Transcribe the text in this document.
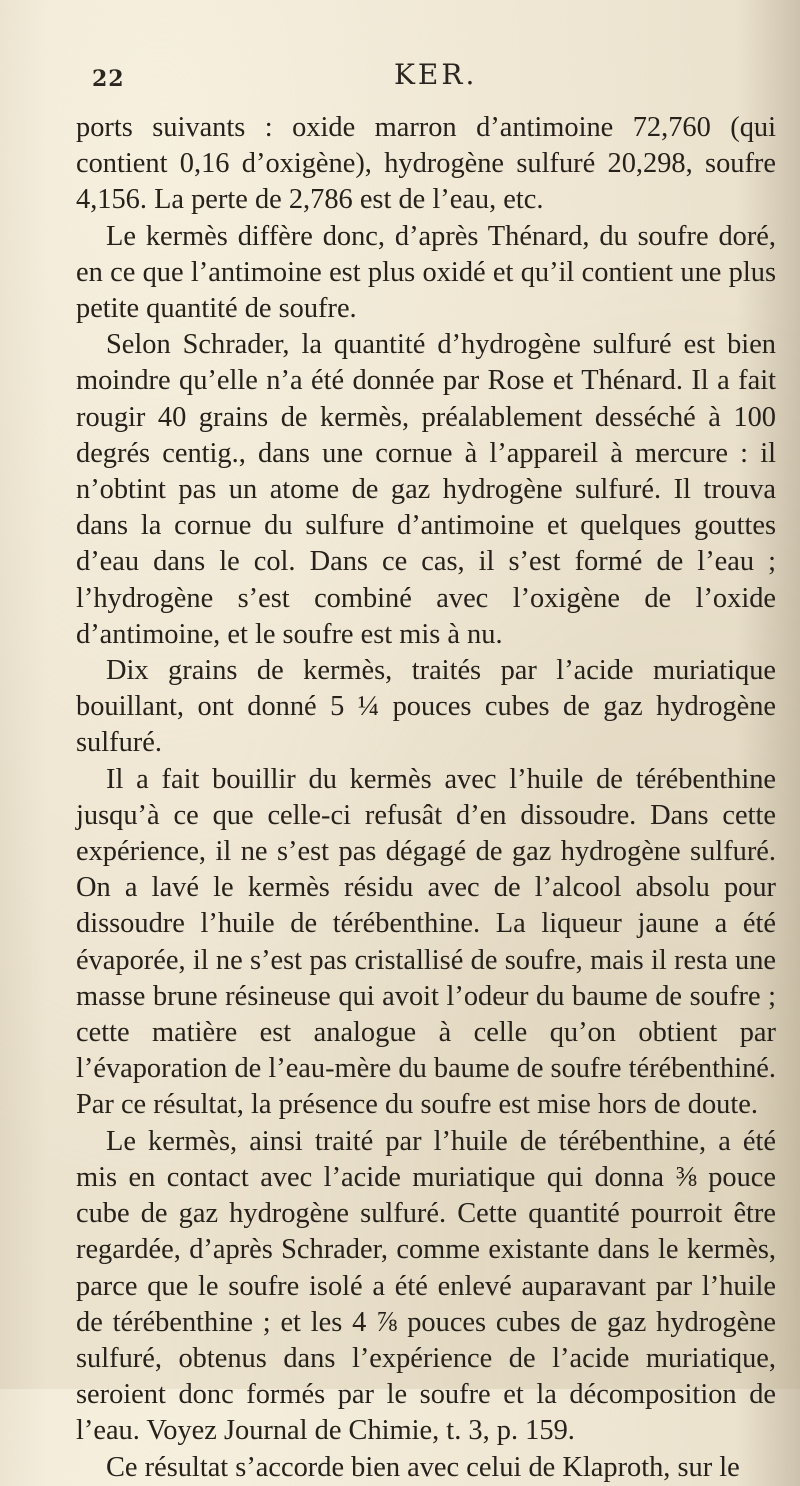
22	KER.

ports suivants : oxide marron d’antimoine 72,760 (qui contient 0,16 d’oxigène), hydrogène sulfuré 20,298, soufre 4,156. La perte de 2,786 est de l’eau, etc.

Le kermès diffère donc, d’après Thénard, du soufre doré, en ce que l’antimoine est plus oxidé et qu’il contient une plus petite quantité de soufre.

Selon Schrader, la quantité d’hydrogène sulfuré est bien moindre qu’elle n’a été donnée par Rose et Thénard. Il a fait rougir 40 grains de kermès, préalablement desséché à 100 degrés centig., dans une cornue à l’appareil à mercure : il n’obtint pas un atome de gaz hydrogène sulfuré. Il trouva dans la cornue du sulfure d’antimoine et quelques gouttes d’eau dans le col. Dans ce cas, il s’est formé de l’eau ; l’hydrogène s’est combiné avec l’oxigène de l’oxide d’antimoine, et le soufre est mis à nu.

Dix grains de kermès, traités par l’acide muriatique bouillant, ont donné 5 ¼ pouces cubes de gaz hydrogène sulfuré.

Il a fait bouillir du kermès avec l’huile de térébenthine jusqu’à ce que celle-ci refusât d’en dissoudre. Dans cette expérience, il ne s’est pas dégagé de gaz hydrogène sulfuré. On a lavé le kermès résidu avec de l’alcool absolu pour dissoudre l’huile de térébenthine. La liqueur jaune a été évaporée, il ne s’est pas cristallisé de soufre, mais il resta une masse brune résineuse qui avoit l’odeur du baume de soufre ; cette matière est analogue à celle qu’on obtient par l’évaporation de l’eau-mère du baume de soufre térébenthiné. Par ce résultat, la présence du soufre est mise hors de doute.

Le kermès, ainsi traité par l’huile de térébenthine, a été mis en contact avec l’acide muriatique qui donna ⅜ pouce cube de gaz hydrogène sulfuré. Cette quantité pourroit être regardée, d’après Schrader, comme existante dans le kermès, parce que le soufre isolé a été enlevé auparavant par l’huile de térébenthine ; et les 4 ⅞ pouces cubes de gaz hydrogène sulfuré, obtenus dans l’expérience de l’acide muriatique, seroient donc formés par le soufre et la décomposition de l’eau. Voyez Journal de Chimie, t. 3, p. 159.

Ce résultat s’accorde bien avec celui de Klaproth, sur le
